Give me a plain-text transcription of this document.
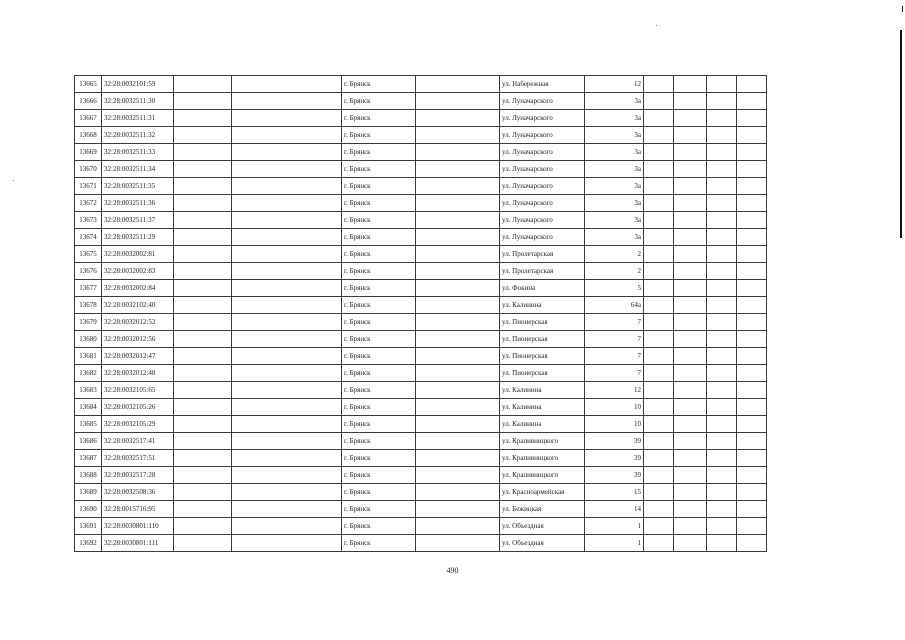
13665	32:28:0032101:59			г. Брянск		ул. Набережная	12				
13666	32:28:0032511:30			г. Брянск		ул. Луначарского	3а				
13667	32:28:0032511:31			г. Брянск		ул. Луначарского	3а				
13668	32:28:0032511:32			г. Брянск		ул. Луначарского	3а				
13669	32:28:0032511:33			г. Брянск		ул. Луначарского	3а				
13670	32:28:0032511:34			г. Брянск		ул. Луначарского	3а				
13671	32:28:0032511:35			г. Брянск		ул. Луначарского	3а				
13672	32:28:0032511:36			г. Брянск		ул. Луначарского	3а				
13673	32:28:0032511:37			г. Брянск		ул. Луначарского	3а				
13674	32:28:0032511:29			г. Брянск		ул. Луначарского	3а				
13675	32:28:0032002:81			г. Брянск		ул. Пролетарская	2				
13676	32:28:0032002:83			г. Брянск		ул. Пролетарская	2				
13677	32:28:0032002:84			г. Брянск		ул. Фокина	5				
13678	32:28:0032102:40			г. Брянск		ул. Калинина	64а				
13679	32:28:0032012:52			г. Брянск		ул. Пионерская	7				
13680	32:28:0032012:56			г. Брянск		ул. Пионерская	7				
13681	32:28:0032012:47			г. Брянск		ул. Пионерская	7				
13682	32:28:0032012:48			г. Брянск		ул. Пионерская	7				
13683	32:28:0032105:65			г. Брянск		ул. Калинина	12				
13684	32:28:0032105:26			г. Брянск		ул. Калинина	10				
13685	32:28:0032105:29			г. Брянск		ул. Калинина	10				
13686	32:28:0032517:41			г. Брянск		ул. Крапивницкого	39				
13687	32:28:0032517:51			г. Брянск		ул. Крапивницкого	39				
13688	32:28:0032517:28			г. Брянск		ул. Крапивницкого	39				
13689	32:28:0032508:36			г. Брянск		ул. Красноармейская	15				
13690	32:28:0015716:95			г. Брянск		ул. Бежицкая	14				
13691	32:28:0030801:110			г. Брянск		ул. Объездная	1				
13692	32:28:0030801:111			г. Брянск		ул. Объездная	1				
490
